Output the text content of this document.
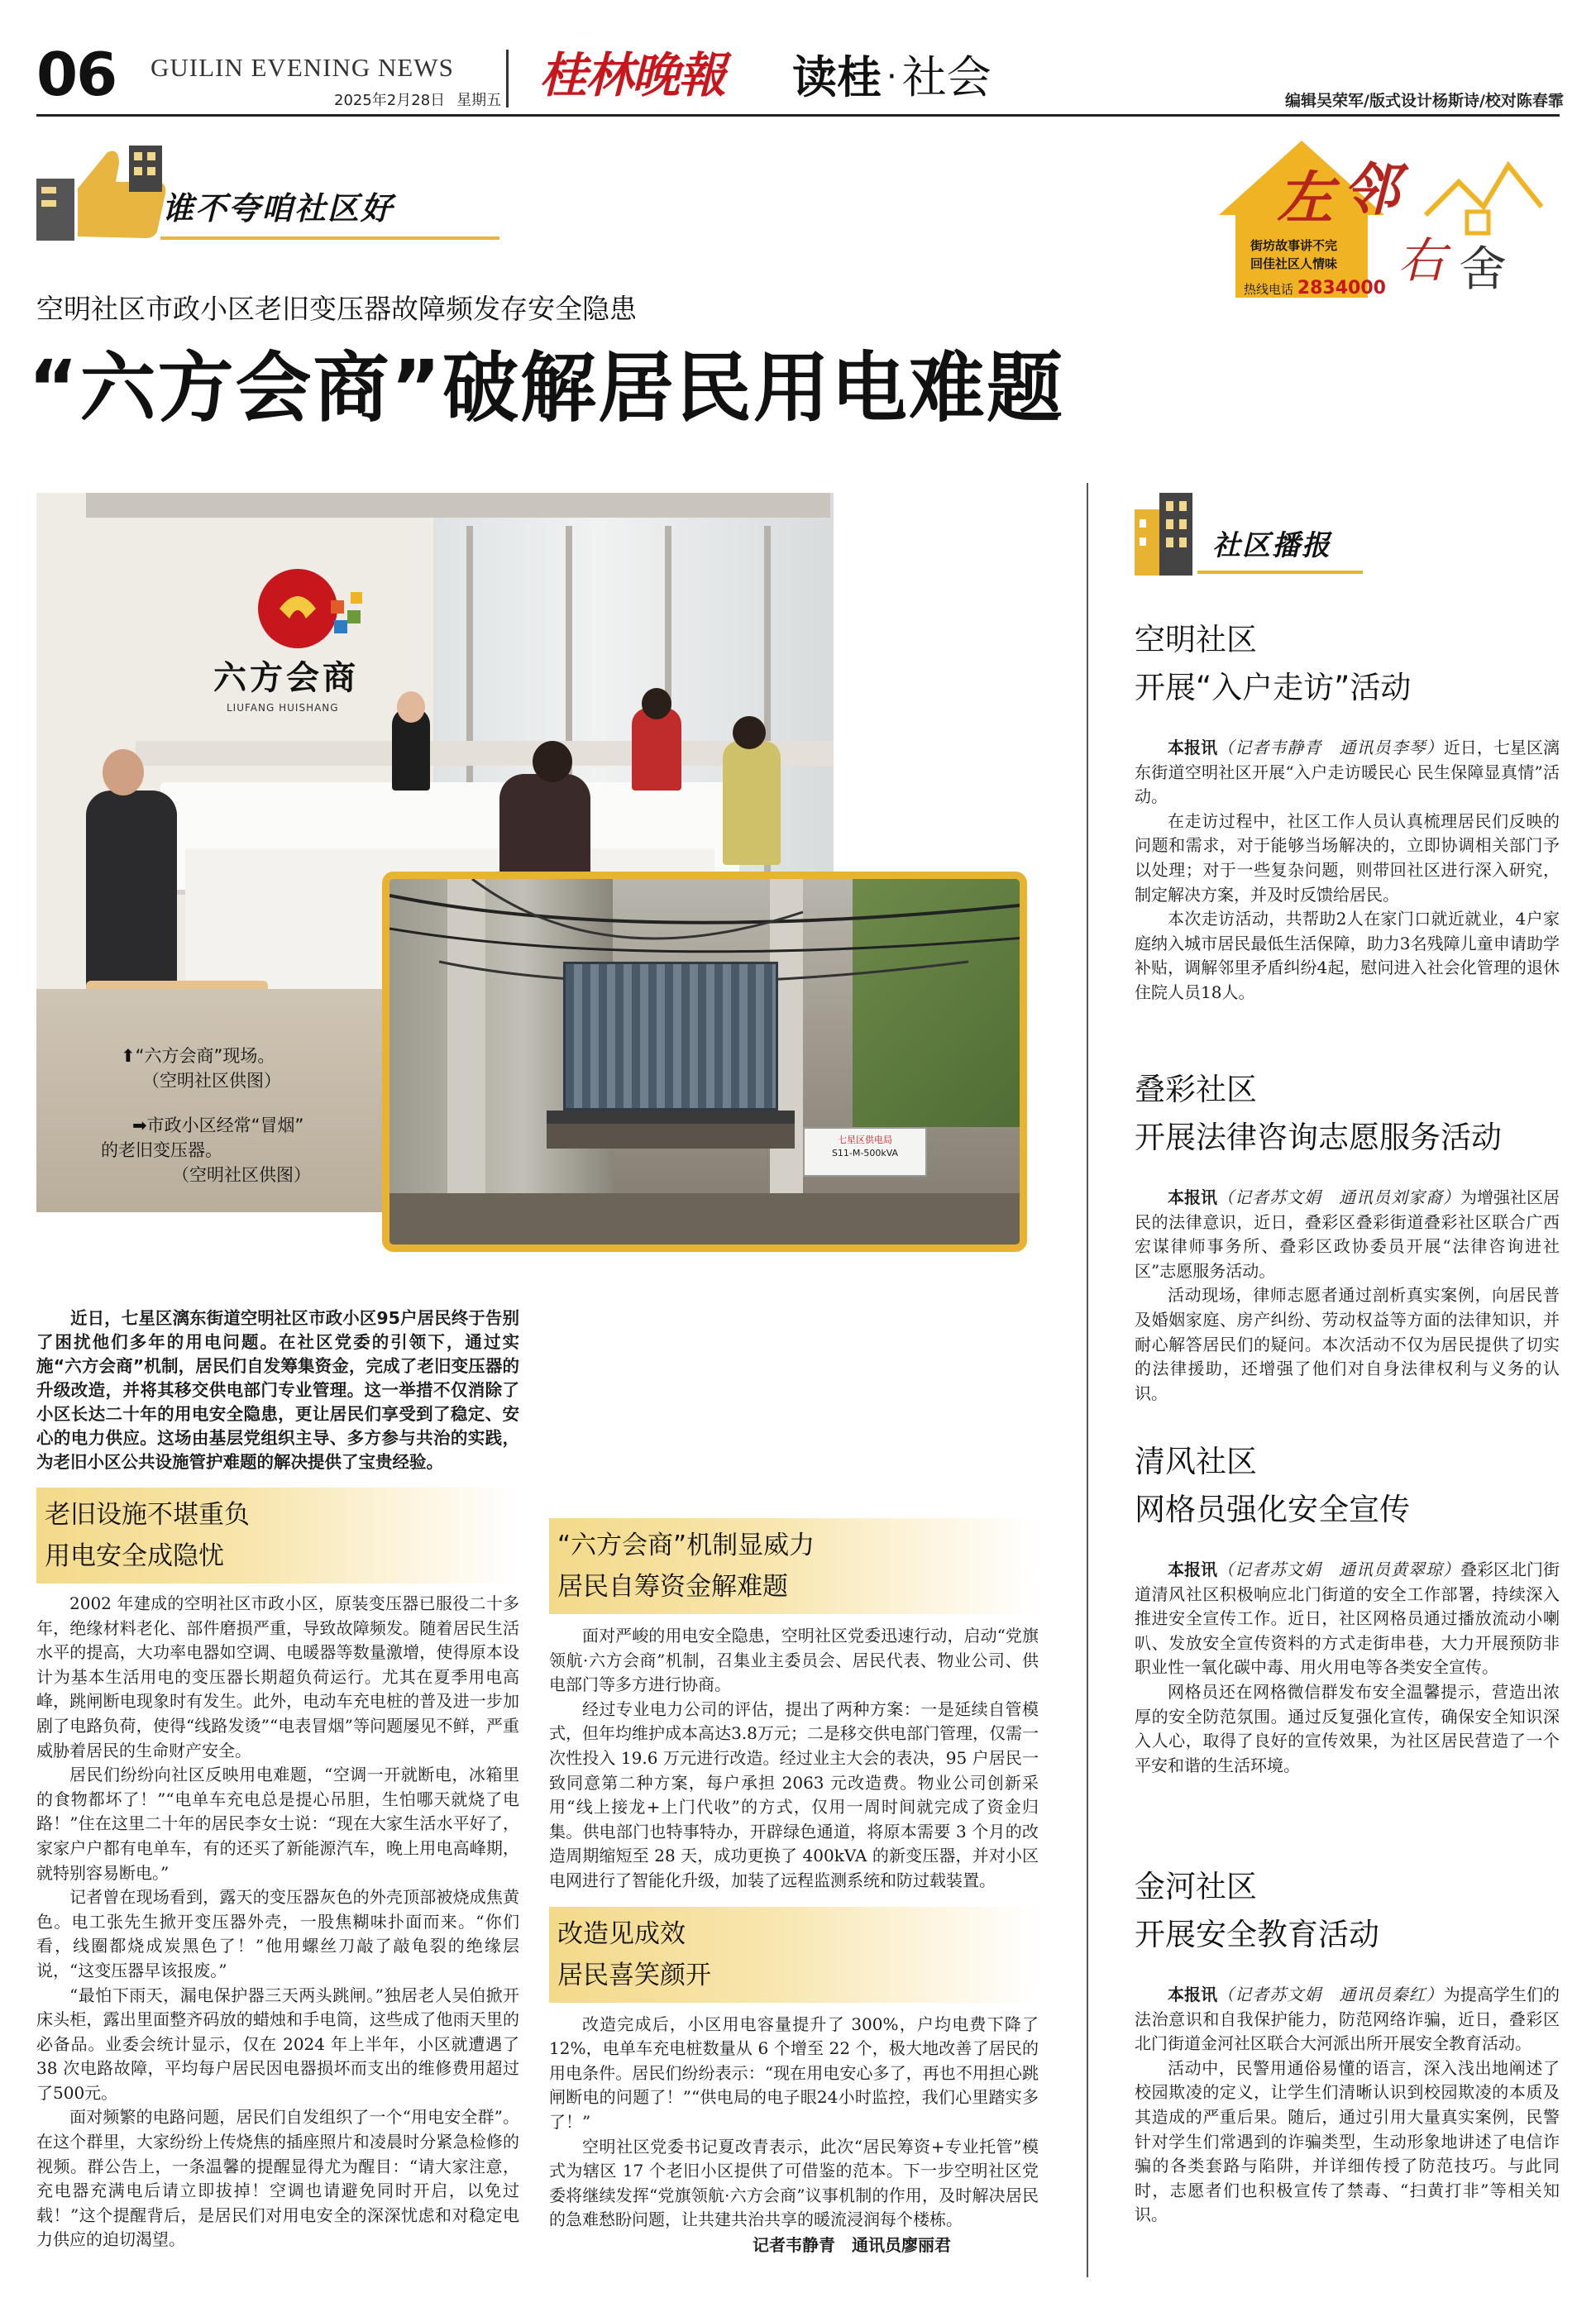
06 GUILIN EVENING NEWS
2025年2月28日 星期五 桂林晚報 读桂 · 社会	编辑吴荣军/版式设计杨斯诗/校对陈春霏
谁不夸咱社区好	左 邻
右 舍
街坊故事讲不完
回佳社区人情味
热线电话 2834000
空明社区市政小区老旧变压器故障频发存安全隐患
“六方会商”破解居民用电难题
六方会商
LIUFANG HUISHANG
七星区供电局
S11-M-500kVA
⬆“六方会商”现场。
（空明社区供图）
➡市政小区经常“冒烟”
的老旧变压器。
（空明社区供图）

近日，七星区漓东街道空明社区市政小区95户居民终于告别了困扰他们多年的用电问题。在社区党委的引领下，通过实施“六方会商”机制，居民们自发筹集资金，完成了老旧变压器的升级改造，并将其移交供电部门专业管理。这一举措不仅消除了小区长达二十年的用电安全隐患，更让居民们享受到了稳定、安心的电力供应。这场由基层党组织主导、多方参与共治的实践，为老旧小区公共设施管护难题的解决提供了宝贵经验。

老旧设施不堪重负
用电安全成隐忧

2002 年建成的空明社区市政小区，原装变压器已服役二十多年，绝缘材料老化、部件磨损严重，导致故障频发。随着居民生活水平的提高，大功率电器如空调、电暖器等数量激增，使得原本设计为基本生活用电的变压器长期超负荷运行。尤其在夏季用电高峰，跳闸断电现象时有发生。此外，电动车充电桩的普及进一步加剧了电路负荷，使得“线路发烫”“电表冒烟”等问题屡见不鲜，严重威胁着居民的生命财产安全。

居民们纷纷向社区反映用电难题，“空调一开就断电，冰箱里的食物都坏了！”“电单车充电总是提心吊胆，生怕哪天就烧了电路！”住在这里二十年的居民李女士说：“现在大家生活水平好了，家家户户都有电单车，有的还买了新能源汽车，晚上用电高峰期，就特别容易断电。”

记者曾在现场看到，露天的变压器灰色的外壳顶部被烧成焦黄色。电工张先生掀开变压器外壳，一股焦糊味扑面而来。“你们看，线圈都烧成炭黑色了！”他用螺丝刀敲了敲龟裂的绝缘层说，“这变压器早该报废。”

“最怕下雨天，漏电保护器三天两头跳闸。”独居老人吴伯掀开床头柜，露出里面整齐码放的蜡烛和手电筒，这些成了他雨天里的必备品。业委会统计显示，仅在 2024 年上半年，小区就遭遇了 38 次电路故障，平均每户居民因电器损坏而支出的维修费用超过了500元。

面对频繁的电路问题，居民们自发组织了一个“用电安全群”。在这个群里，大家纷纷上传烧焦的插座照片和凌晨时分紧急检修的视频。群公告上，一条温馨的提醒显得尤为醒目：“请大家注意，充电器充满电后请立即拔掉！空调也请避免同时开启，以免过载！”这个提醒背后，是居民们对用电安全的深深忧虑和对稳定电力供应的迫切渴望。

“六方会商”机制显威力
居民自筹资金解难题

面对严峻的用电安全隐患，空明社区党委迅速行动，启动“党旗领航·六方会商”机制，召集业主委员会、居民代表、物业公司、供电部门等多方进行协商。

经过专业电力公司的评估，提出了两种方案：一是延续自管模式，但年均维护成本高达3.8万元；二是移交供电部门管理，仅需一次性投入 19.6 万元进行改造。经过业主大会的表决，95 户居民一致同意第二种方案，每户承担 2063 元改造费。物业公司创新采用“线上接龙+上门代收”的方式，仅用一周时间就完成了资金归集。供电部门也特事特办，开辟绿色通道，将原本需要 3 个月的改造周期缩短至 28 天，成功更换了 400kVA 的新变压器，并对小区电网进行了智能化升级，加装了远程监测系统和防过载装置。

改造见成效
居民喜笑颜开

改造完成后，小区用电容量提升了 300%，户均电费下降了 12%，电单车充电桩数量从 6 个增至 22 个，极大地改善了居民的用电条件。居民们纷纷表示：“现在用电安心多了，再也不用担心跳闸断电的问题了！”“供电局的电子眼24小时监控，我们心里踏实多了！”

空明社区党委书记夏改青表示，此次“居民筹资+专业托管”模式为辖区 17 个老旧小区提供了可借鉴的范本。下一步空明社区党委将继续发挥“党旗领航·六方会商”议事机制的作用，及时解决居民的急难愁盼问题，让共建共治共享的暖流浸润每个楼栋。

记者韦静青　通讯员廖丽君
社区播报
空明社区
开展“入户走访”活动
本报讯（记者韦静青　通讯员李琴）近日，七星区漓东街道空明社区开展“入户走访暖民心 民生保障显真情”活动。
在走访过程中，社区工作人员认真梳理居民们反映的问题和需求，对于能够当场解决的，立即协调相关部门予以处理；对于一些复杂问题，则带回社区进行深入研究，制定解决方案，并及时反馈给居民。
本次走访活动，共帮助2人在家门口就近就业，4户家庭纳入城市居民最低生活保障，助力3名残障儿童申请助学补贴，调解邻里矛盾纠纷4起，慰问进入社会化管理的退休住院人员18人。
叠彩社区
开展法律咨询志愿服务活动
本报讯（记者苏文娟　通讯员刘家裔）为增强社区居民的法律意识，近日，叠彩区叠彩街道叠彩社区联合广西宏谋律师事务所、叠彩区政协委员开展“法律咨询进社区”志愿服务活动。
活动现场，律师志愿者通过剖析真实案例，向居民普及婚姻家庭、房产纠纷、劳动权益等方面的法律知识，并耐心解答居民们的疑问。本次活动不仅为居民提供了切实的法律援助，还增强了他们对自身法律权利与义务的认识。
清风社区
网格员强化安全宣传
本报讯（记者苏文娟　通讯员黄翠琼）叠彩区北门街道清风社区积极响应北门街道的安全工作部署，持续深入推进安全宣传工作。近日，社区网格员通过播放流动小喇叭、发放安全宣传资料的方式走街串巷，大力开展预防非职业性一氧化碳中毒、用火用电等各类安全宣传。
网格员还在网格微信群发布安全温馨提示，营造出浓厚的安全防范氛围。通过反复强化宣传，确保安全知识深入人心，取得了良好的宣传效果，为社区居民营造了一个平安和谐的生活环境。
金河社区
开展安全教育活动
本报讯（记者苏文娟　通讯员秦红）为提高学生们的法治意识和自我保护能力，防范网络诈骗，近日，叠彩区北门街道金河社区联合大河派出所开展安全教育活动。
活动中，民警用通俗易懂的语言，深入浅出地阐述了校园欺凌的定义，让学生们清晰认识到校园欺凌的本质及其造成的严重后果。随后，通过引用大量真实案例，民警针对学生们常遇到的诈骗类型，生动形象地讲述了电信诈骗的各类套路与陷阱，并详细传授了防范技巧。与此同时，志愿者们也积极宣传了禁毒、“扫黄打非”等相关知识。
